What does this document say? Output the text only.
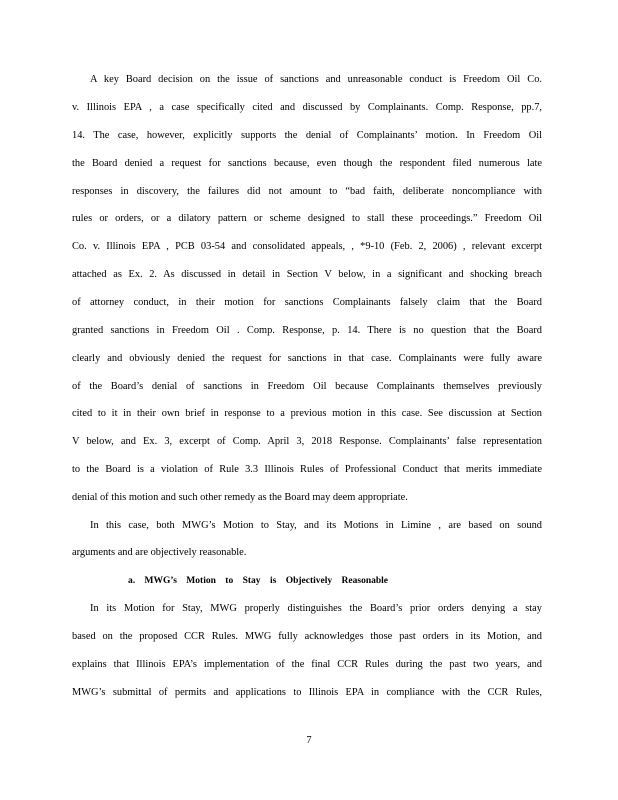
A key Board decision on the issue of sanctions and unreasonable conduct is Freedom Oil Co.
v. Illinois EPA , a case specifically cited and discussed by Complainants. Comp. Response, pp.7,
14. The case, however, explicitly supports the denial of Complainants’ motion. In Freedom Oil
the Board denied a request for sanctions because, even though the respondent filed numerous late
responses in discovery, the failures did not amount to “bad faith, deliberate noncompliance with
rules or orders, or a dilatory pattern or scheme designed to stall these proceedings.” Freedom Oil
Co. v. Illinois EPA , PCB 03-54 and consolidated appeals, , *9-10 (Feb. 2, 2006) , relevant excerpt
attached as Ex. 2. As discussed in detail in Section V below, in a significant and shocking breach
of attorney conduct, in their motion for sanctions Complainants falsely claim that the Board
granted sanctions in Freedom Oil . Comp. Response, p. 14. There is no question that the Board
clearly and obviously denied the request for sanctions in that case. Complainants were fully aware
of the Board’s denial of sanctions in Freedom Oil because Complainants themselves previously
cited to it in their own brief in response to a previous motion in this case. See discussion at Section
V below, and Ex. 3, excerpt of Comp. April 3, 2018 Response. Complainants’ false representation
to the Board is a violation of Rule 3.3 Illinois Rules of Professional Conduct that merits immediate
denial of this motion and such other remedy as the Board may deem appropriate.
In this case, both MWG’s Motion to Stay, and its Motions in Limine , are based on sound
arguments and are objectively reasonable.
a. MWG’s Motion to Stay is Objectively Reasonable
In its Motion for Stay, MWG properly distinguishes the Board’s prior orders denying a stay
based on the proposed CCR Rules. MWG fully acknowledges those past orders in its Motion, and
explains that Illinois EPA’s implementation of the final CCR Rules during the past two years, and
MWG’s submittal of permits and applications to Illinois EPA in compliance with the CCR Rules,
7
